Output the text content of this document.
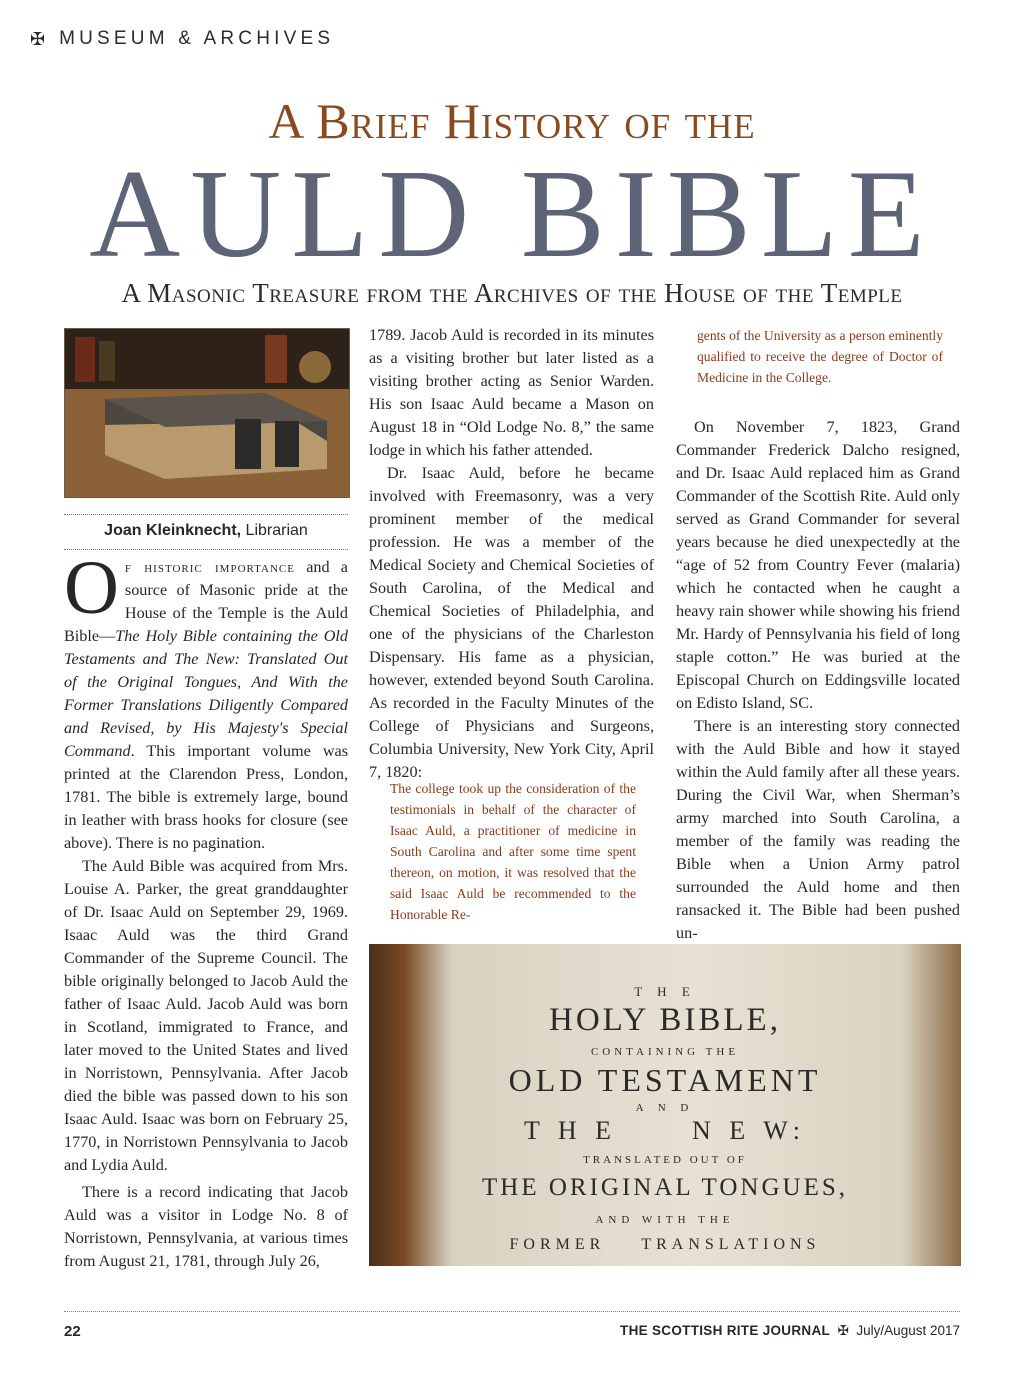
✠ MUSEUM & ARCHIVES
A Brief History of the
AULD BIBLE
A Masonic Treasure from the Archives of the House of the Temple
Joan Kleinknecht, Librarian

Of historic importance and a source of Masonic pride at the House of the Temple is the Auld Bible—The Holy Bible containing the Old Testaments and The New: Translated Out of the Original Tongues, And With the Former Translations Diligently Compared and Revised, by His Majesty's Special Command. This important volume was printed at the Clarendon Press, London, 1781. The bible is extremely large, bound in leather with brass hooks for closure (see above). There is no pagination.

The Auld Bible was acquired from Mrs. Louise A. Parker, the great granddaughter of Dr. Isaac Auld on September 29, 1969. Isaac Auld was the third Grand Commander of the Supreme Council. The bible originally belonged to Jacob Auld the father of Isaac Auld. Jacob Auld was born in Scotland, immigrated to France, and later moved to the United States and lived in Norristown, Pennsylvania. After Jacob died the bible was passed down to his son Isaac Auld. Isaac was born on February 25, 1770, in Norristown Pennsylvania to Jacob and Lydia Auld.

There is a record indicating that Jacob Auld was a visitor in Lodge No. 8 of Norristown, Pennsylvania, at various times from August 21, 1781, through July 26,

1789. Jacob Auld is recorded in its minutes as a visiting brother but later listed as a visiting brother acting as Senior Warden. His son Isaac Auld became a Mason on August 18 in “Old Lodge No. 8,” the same lodge in which his father attended.

Dr. Isaac Auld, before he became involved with Freemasonry, was a very prominent member of the medical profession. He was a member of the Medical Society and Chemical Societies of South Carolina, of the Medical and Chemical Societies of Philadelphia, and one of the physicians of the Charleston Dispensary. His fame as a physician, however, extended beyond South Carolina. As recorded in the Faculty Minutes of the College of Physicians and Surgeons, Columbia University, New York City, April 7, 1820:

The college took up the consideration of the testimonials in behalf of the character of Isaac Auld, a practitioner of medicine in South Carolina and after some time spent thereon, on motion, it was resolved that the said Isaac Auld be recommended to the Honorable Re-
gents of the University as a person eminently qualified to receive the degree of Doctor of Medicine in the College.

On November 7, 1823, Grand Commander Frederick Dalcho resigned, and Dr. Isaac Auld replaced him as Grand Commander of the Scottish Rite. Auld only served as Grand Commander for several years because he died unexpectedly at the “age of 52 from Country Fever (malaria) which he contacted when he caught a heavy rain shower while showing his friend Mr. Hardy of Pennsylvania his field of long staple cotton.” He was buried at the Episcopal Church on Eddingsville located on Edisto Island, SC.

There is an interesting story connected with the Auld Bible and how it stayed within the Auld family after all these years. During the Civil War, when Sherman’s army marched into South Carolina, a member of the family was reading the Bible when a Union Army patrol surrounded the Auld home and then ransacked it. The Bible had been pushed un-

T H E
HOLY BIBLE,
CONTAINING THE
OLD TESTAMENT
A N D
T H E	N E W:
TRANSLATED OUT OF
THE ORIGINAL TONGUES,
AND WITH THE
FORMER TRANSLATIONS
22	THE SCOTTISH RITE JOURNAL  ✠  July/August 2017
